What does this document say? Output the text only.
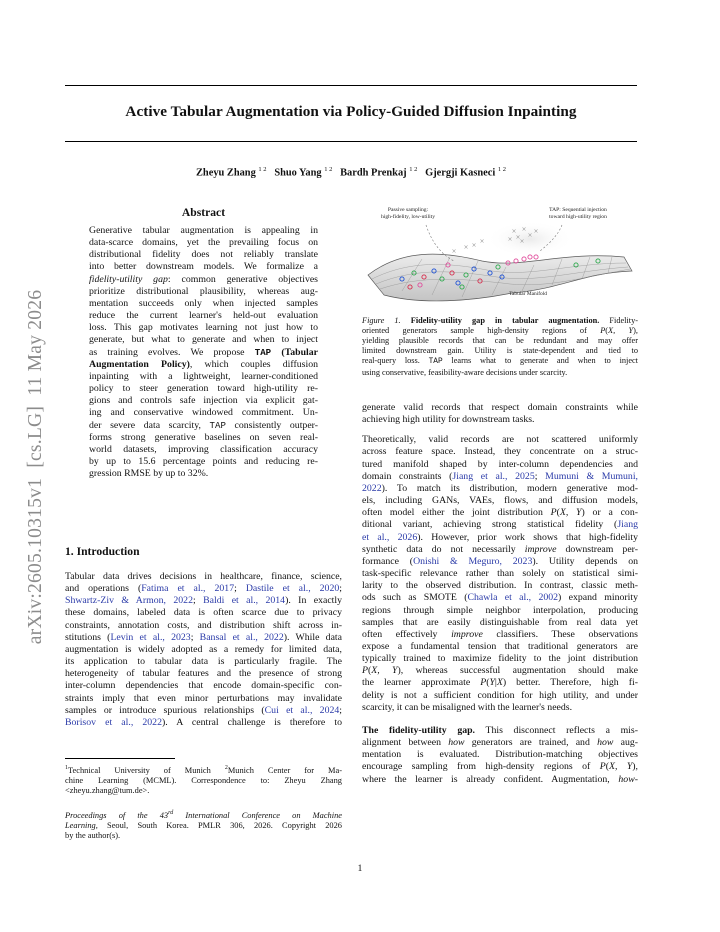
Active Tabular Augmentation via Policy-Guided Diffusion Inpainting
Zheyu Zhang $^{1 2}$ Shuo Yang $^{1 2}$ Bardh Prenkaj $^{1 2}$ Gjergji Kasneci $^{1 2}$
arXiv:2605.10315v1  [cs.LG]  11 May 2026
Abstract
Generative tabular augmentation is appealing in
data-scarce domains, yet the prevailing focus on
distributional fidelity does not reliably translate
into better downstream models. We formalize a
fidelity-utility gap: common generative objectives
prioritize distributional plausibility, whereas aug-
mentation succeeds only when injected samples
reduce the current learner's held-out evaluation
loss. This gap motivates learning not just how to
generate, but what to generate and when to inject
as training evolves. We propose TAP (Tabular
Augmentation Policy), which couples diffusion
inpainting with a lightweight, learner-conditioned
policy to steer generation toward high-utility re-
gions and controls safe injection via explicit gat-
ing and conservative windowed commitment. Un-
der severe data scarcity, TAP consistently outper-
forms strong generative baselines on seven real-
world datasets, improving classification accuracy
by up to 15.6 percentage points and reducing re-
gression RMSE by up to 32%.
1. Introduction
Tabular data drives decisions in healthcare, finance, science,
and operations (Fatima et al., 2017; Dastile et al., 2020;
Shwartz-Ziv & Armon, 2022; Baldi et al., 2014). In exactly
these domains, labeled data is often scarce due to privacy
constraints, annotation costs, and distribution shift across in-
stitutions (Levin et al., 2023; Bansal et al., 2022). While data
augmentation is widely adopted as a remedy for limited data,
its application to tabular data is particularly fragile. The
heterogeneity of tabular features and the presence of strong
inter-column dependencies that encode domain-specific con-
straints imply that even minor perturbations may invalidate
samples or introduce spurious relationships (Cui et al., 2024;
Borisov et al., 2022). A central challenge is therefore to
$^1$Technical University of Munich $^2$Munich Center for Ma-
chine Learning (MCML). Correspondence to: Zheyu Zhang
<zheyu.zhang@tum.de>.
Proceedings of the 43rd International Conference on Machine
Learning, Seoul, South Korea. PMLR 306, 2026. Copyright 2026
by the author(s).
Passive sampling:
high-fidelity, low-utility
TAP: Sequential injection
toward high-utility region
Tabular Manifold
×
× ×
×
×
×
×
×
×
×
×
Figure 1. Fidelity-utility gap in tabular augmentation. Fidelity-
oriented generators sample high-density regions of P(X, Y),
yielding plausible records that can be redundant and may offer
limited downstream gain. Utility is state-dependent and tied to
real-query loss. TAP learns what to generate and when to inject
using conservative, feasibility-aware decisions under scarcity.
generate valid records that respect domain constraints while
achieving high utility for downstream tasks.
Theoretically, valid records are not scattered uniformly
across feature space. Instead, they concentrate on a struc-
tured manifold shaped by inter-column dependencies and
domain constraints (Jiang et al., 2025; Mumuni & Mumuni,
2022). To match its distribution, modern generative mod-
els, including GANs, VAEs, flows, and diffusion models,
often model either the joint distribution P(X, Y) or a con-
ditional variant, achieving strong statistical fidelity (Jiang
et al., 2026). However, prior work shows that high-fidelity
synthetic data do not necessarily improve downstream per-
formance (Onishi & Meguro, 2023). Utility depends on
task-specific relevance rather than solely on statistical simi-
larity to the observed distribution. In contrast, classic meth-
ods such as SMOTE (Chawla et al., 2002) expand minority
regions through simple neighbor interpolation, producing
samples that are easily distinguishable from real data yet
often effectively improve classifiers. These observations
expose a fundamental tension that traditional generators are
typically trained to maximize fidelity to the joint distribution
P(X, Y), whereas successful augmentation should make
the learner approximate P(Y|X) better. Therefore, high fi-
delity is not a sufficient condition for high utility, and under
scarcity, it can be misaligned with the learner's needs.
The fidelity-utility gap. This disconnect reflects a mis-
alignment between how generators are trained, and how aug-
mentation is evaluated. Distribution-matching objectives
encourage sampling from high-density regions of P(X, Y),
where the learner is already confident. Augmentation, how-
1
